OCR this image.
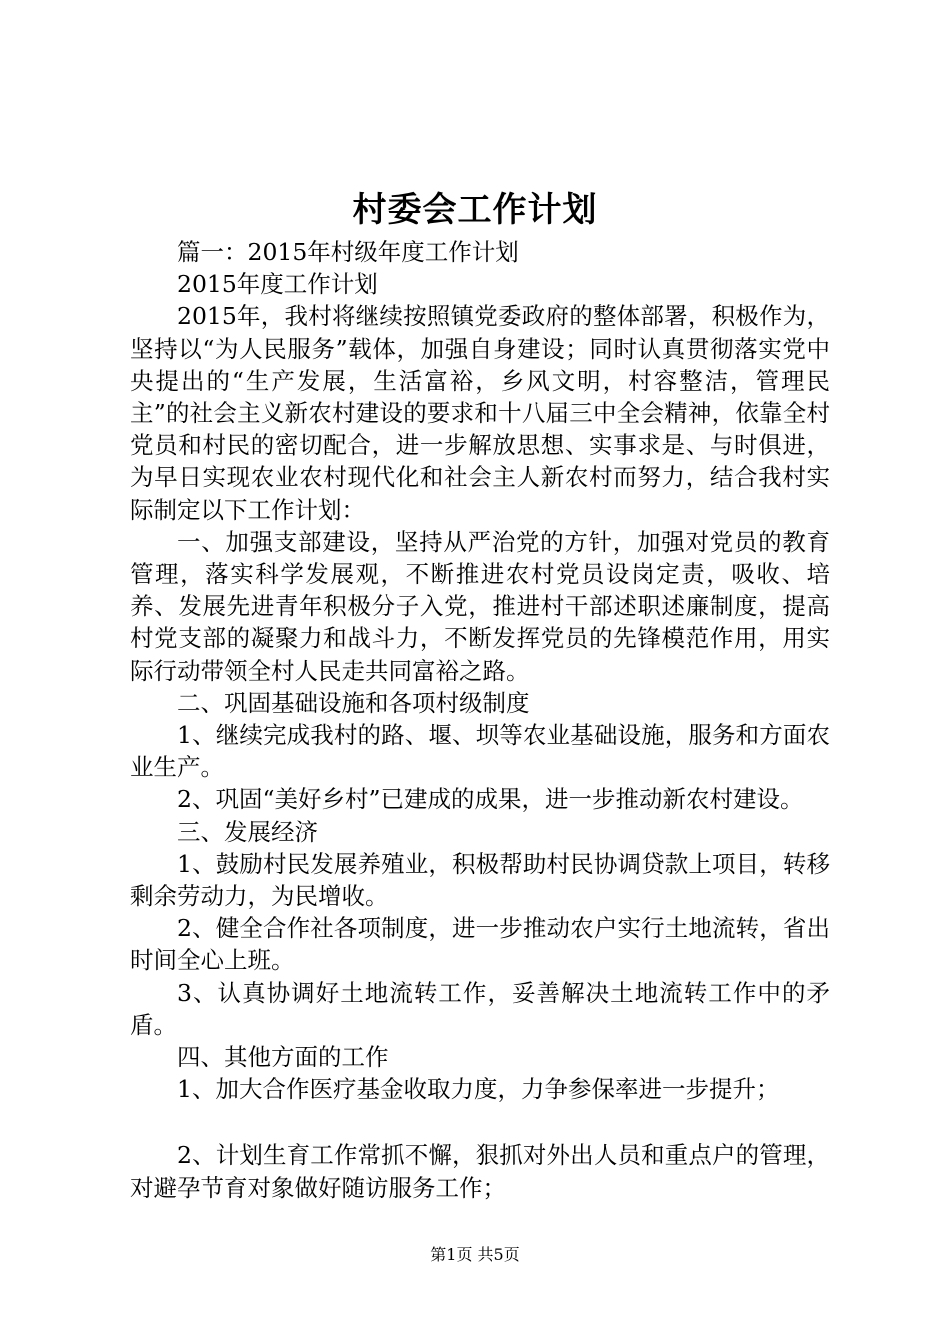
村委会工作计划

篇一：2015年村级年度工作计划

2015年度工作计划

2015年，我村将继续按照镇党委政府的整体部署，积极作为，坚持以“为人民服务”载体，加强自身建设；同时认真贯彻落实党中央提出的“生产发展，生活富裕，乡风文明，村容整洁，管理民主”的社会主义新农村建设的要求和十八届三中全会精神，依靠全村党员和村民的密切配合，进一步解放思想、实事求是、与时俱进，为早日实现农业农村现代化和社会主人新农村而努力，结合我村实际制定以下工作计划：

一、加强支部建设，坚持从严治党的方针，加强对党员的教育管理，落实科学发展观，不断推进农村党员设岗定责，吸收、培养、发展先进青年积极分子入党，推进村干部述职述廉制度，提高村党支部的凝聚力和战斗力，不断发挥党员的先锋模范作用，用实际行动带领全村人民走共同富裕之路。

二、巩固基础设施和各项村级制度

1、继续完成我村的路、堰、坝等农业基础设施，服务和方面农业生产。

2、巩固“美好乡村”已建成的成果，进一步推动新农村建设。

三、发展经济

1、鼓励村民发展养殖业，积极帮助村民协调贷款上项目，转移剩余劳动力，为民增收。

2、健全合作社各项制度，进一步推动农户实行土地流转，省出时间全心上班。

3、认真协调好土地流转工作，妥善解决土地流转工作中的矛盾。

四、其他方面的工作

1、加大合作医疗基金收取力度，力争参保率进一步提升；

2、计划生育工作常抓不懈，狠抓对外出人员和重点户的管理，对避孕节育对象做好随访服务工作；

第1页 共5页
